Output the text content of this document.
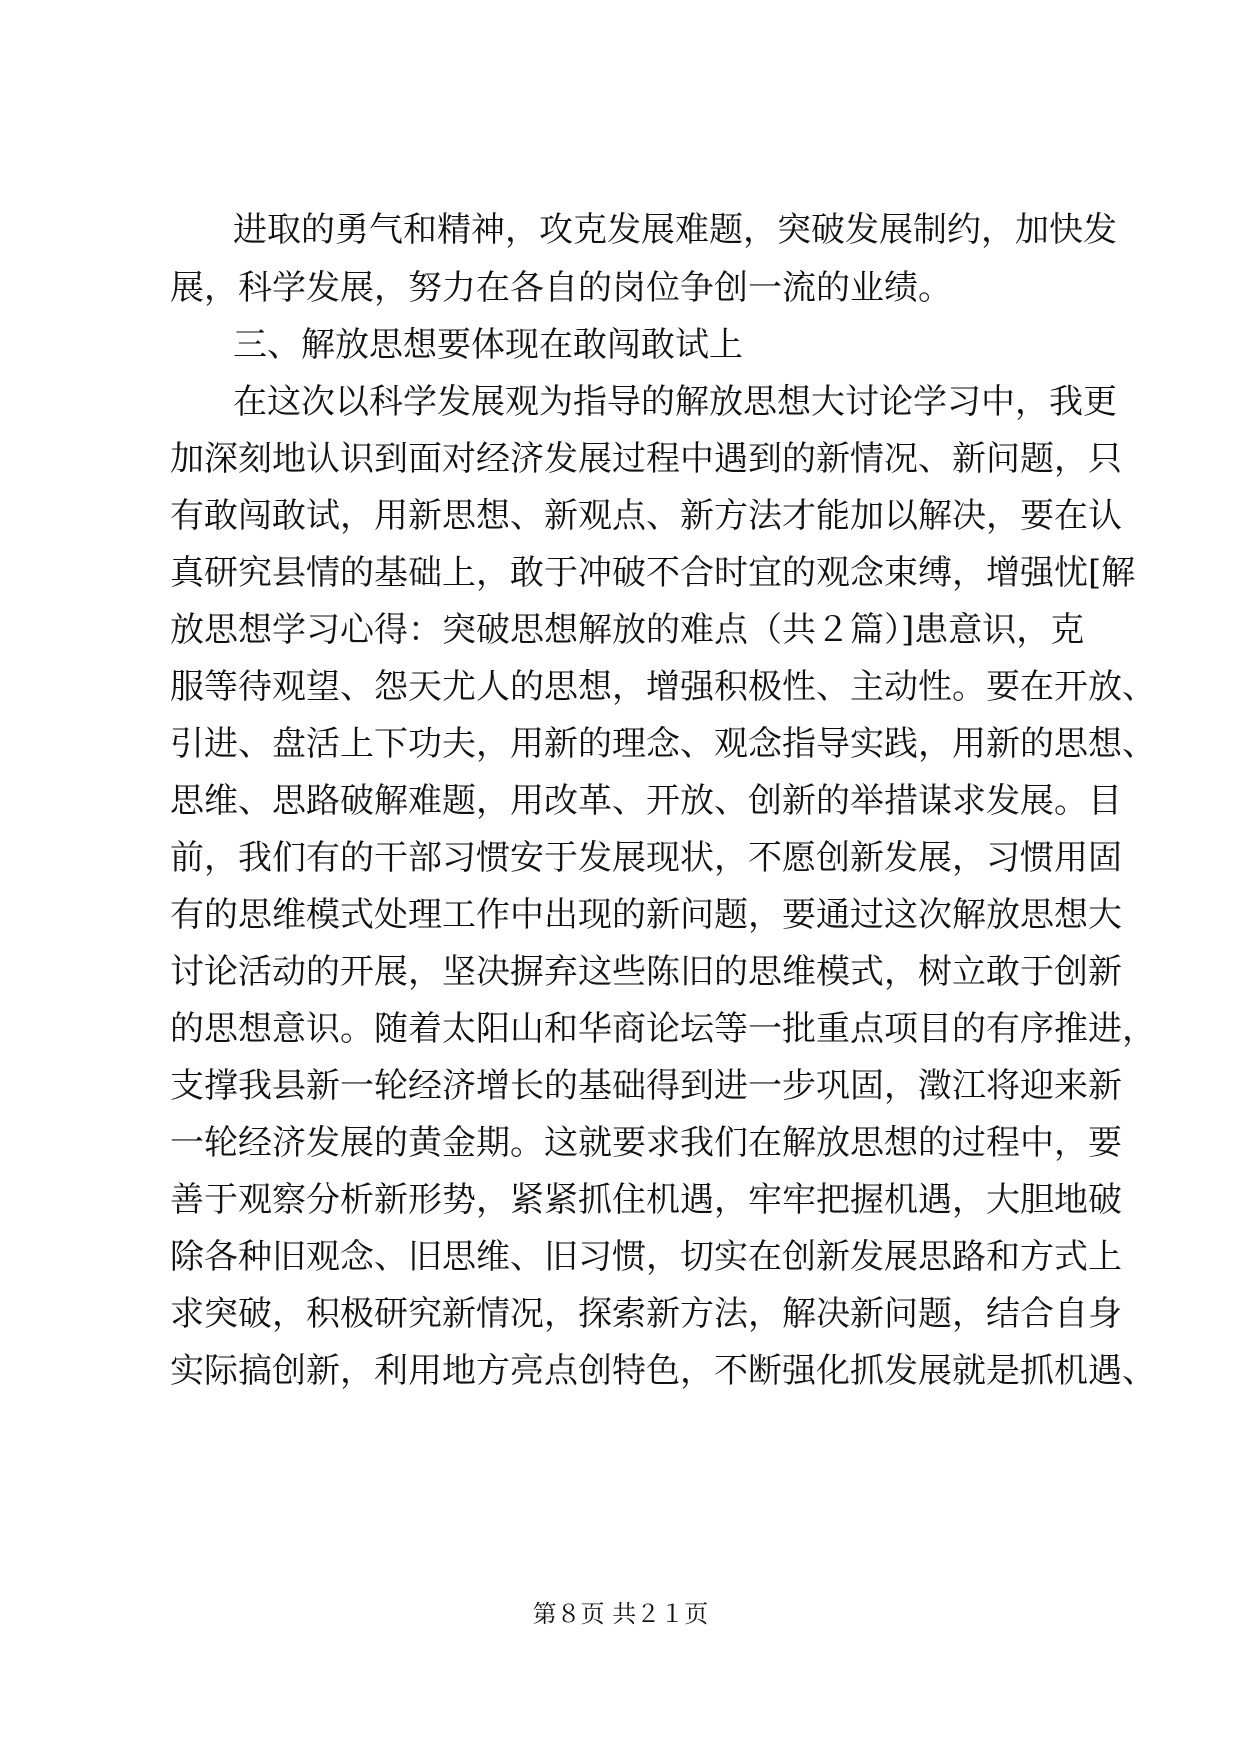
进取的勇气和精神，攻克发展难题，突破发展制约，加快发
展，科学发展，努力在各自的岗位争创一流的业绩。
三、解放思想要体现在敢闯敢试上
在这次以科学发展观为指导的解放思想大讨论学习中，我更
加深刻地认识到面对经济发展过程中遇到的新情况、新问题，只
有敢闯敢试，用新思想、新观点、新方法才能加以解决，要在认
真研究县情的基础上，敢于冲破不合时宜的观念束缚，增强忧[解
放思想学习心得：突破思想解放的难点（共２篇）]患意识，克
服等待观望、怨天尤人的思想，增强积极性、主动性。要在开放、
引进、盘活上下功夫，用新的理念、观念指导实践，用新的思想、
思维、思路破解难题，用改革、开放、创新的举措谋求发展。目
前，我们有的干部习惯安于发展现状，不愿创新发展，习惯用固
有的思维模式处理工作中出现的新问题，要通过这次解放思想大
讨论活动的开展，坚决摒弃这些陈旧的思维模式，树立敢于创新
的思想意识。随着太阳山和华商论坛等一批重点项目的有序推进，
支撑我县新一轮经济增长的基础得到进一步巩固，澂江将迎来新
一轮经济发展的黄金期。这就要求我们在解放思想的过程中，要
善于观察分析新形势，紧紧抓住机遇，牢牢把握机遇，大胆地破
除各种旧观念、旧思维、旧习惯，切实在创新发展思路和方式上
求突破，积极研究新情况，探索新方法，解决新问题，结合自身
实际搞创新，利用地方亮点创特色，不断强化抓发展就是抓机遇、
第８页 共２１页
